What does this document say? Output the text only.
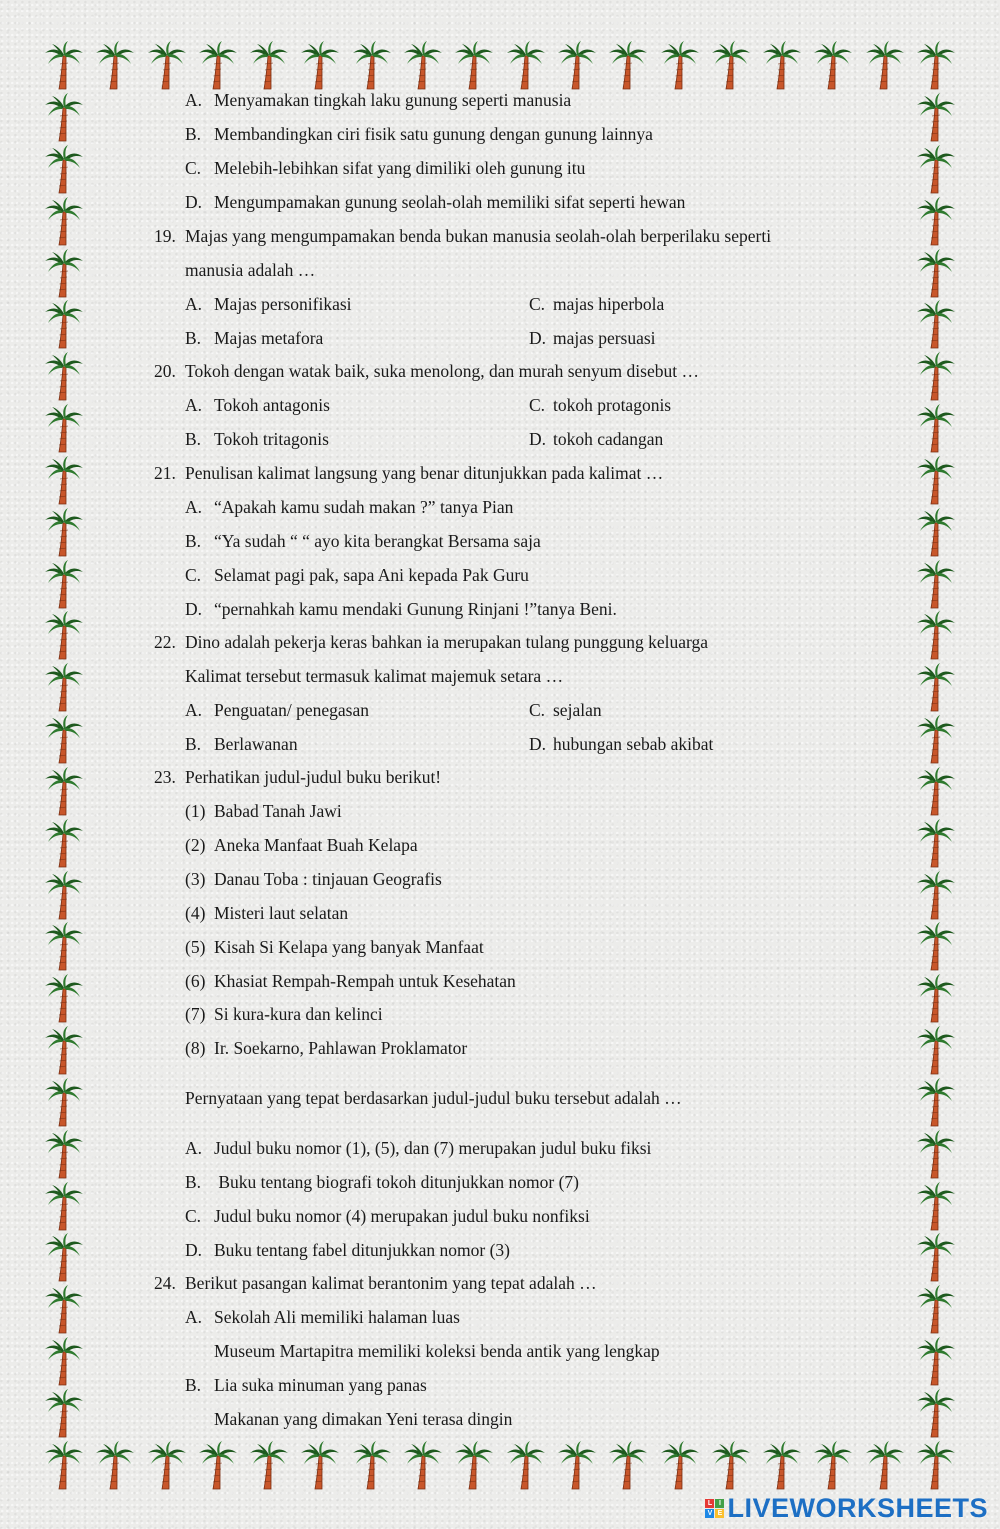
A. Menyamakan tingkah laku gunung seperti manusia
B. Membandingkan ciri fisik satu gunung dengan gunung lainnya
C. Melebih-lebihkan sifat yang dimiliki oleh gunung itu
D. Mengumpamakan gunung seolah-olah memiliki sifat seperti hewan
19. Majas yang mengumpamakan benda bukan manusia seolah-olah berperilaku seperti
manusia adalah …
A. Majas personifikasi	C. majas hiperbola
B. Majas metafora	D. majas persuasi
20. Tokoh dengan watak baik, suka menolong, dan murah senyum disebut …
A. Tokoh antagonis	C. tokoh protagonis
B. Tokoh tritagonis	D. tokoh cadangan
21. Penulisan kalimat langsung yang benar ditunjukkan pada kalimat …
A. “Apakah kamu sudah makan ?” tanya Pian
B. “Ya sudah “ “ ayo kita berangkat Bersama saja
C. Selamat pagi pak, sapa Ani kepada Pak Guru
D. “pernahkah kamu mendaki Gunung Rinjani !”tanya Beni.
22. Dino adalah pekerja keras bahkan ia merupakan tulang punggung keluarga
Kalimat tersebut termasuk kalimat majemuk setara …
A. Penguatan/ penegasan	C. sejalan
B. Berlawanan	D. hubungan sebab akibat
23. Perhatikan judul-judul buku berikut!
(1) Babad Tanah Jawi
(2) Aneka Manfaat Buah Kelapa
(3) Danau Toba : tinjauan Geografis
(4) Misteri laut selatan
(5) Kisah Si Kelapa yang banyak Manfaat
(6) Khasiat Rempah-Rempah untuk Kesehatan
(7) Si kura-kura dan kelinci
(8) Ir. Soekarno, Pahlawan Proklamator
Pernyataan yang tepat berdasarkan judul-judul buku tersebut adalah …
A. Judul buku nomor (1), (5), dan (7) merupakan judul buku fiksi
B. Buku tentang biografi tokoh ditunjukkan nomor (7)
C. Judul buku nomor (4) merupakan judul buku nonfiksi
D. Buku tentang fabel ditunjukkan nomor (3)
24. Berikut pasangan kalimat berantonim yang tepat adalah …
A. Sekolah Ali memiliki halaman luas
Museum Martapitra memiliki koleksi benda antik yang lengkap
B. Lia suka minuman yang panas
Makanan yang dimakan Yeni terasa dingin
L I
V E LIVEWORKSHEETS
